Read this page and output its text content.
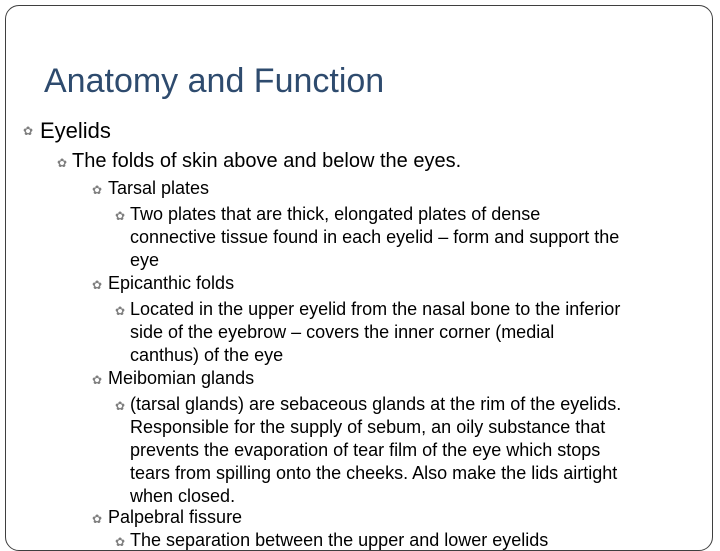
Anatomy and Function
✿ Eyelids
✿ The folds of skin above and below the eyes.
✿ Tarsal plates
✿ Two plates that are thick, elongated plates of dense
connective tissue found in each eyelid – form and support the
eye
✿ Epicanthic folds
✿ Located in the upper eyelid from the nasal bone to the inferior
side of the eyebrow – covers the inner corner (medial
canthus) of the eye
✿ Meibomian glands
✿ (tarsal glands) are sebaceous glands at the rim of the eyelids.
Responsible for the supply of sebum, an oily substance that
prevents the evaporation of tear film of the eye which stops
tears from spilling onto the cheeks. Also make the lids airtight
when closed.
✿ Palpebral fissure
✿ The separation between the upper and lower eyelids
